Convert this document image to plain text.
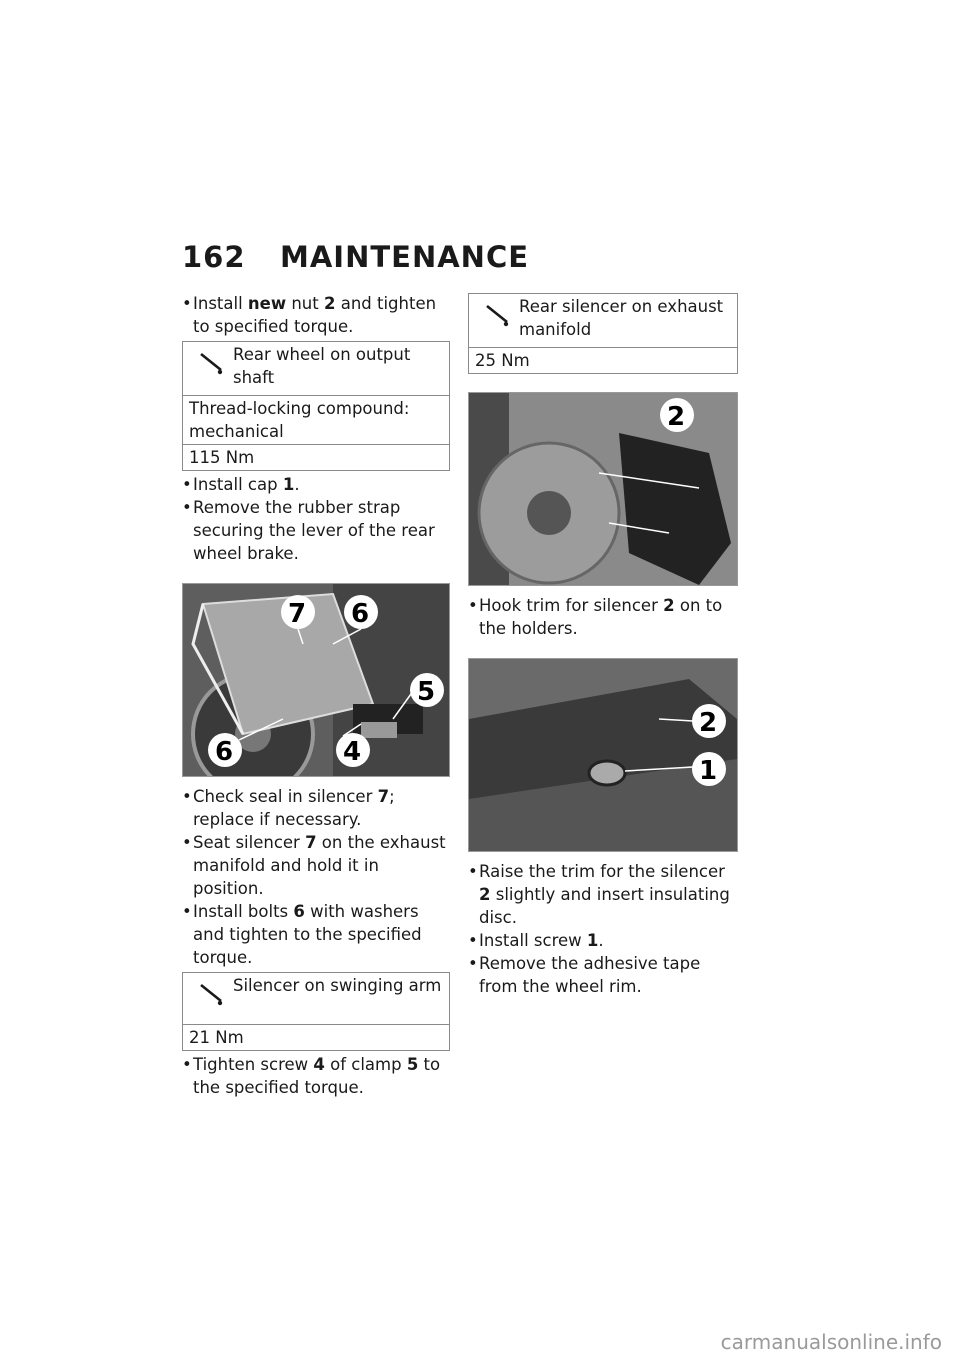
162 MAINTENANCE

• Install new nut 2 and tighten to specified torque.

Rear wheel on output shaft
Thread-locking compound: mechanical
115 Nm

• Install cap 1.

• Remove the rubber strap securing the lever of the rear wheel brake.

7 6
5
6	4

• Check seal in silencer 7; replace if necessary.

• Seat silencer 7 on the exhaust manifold and hold it in position.

• Install bolts 6 with washers and tighten to the specified torque.

Silencer on swinging arm
21 Nm

• Tighten screw 4 of clamp 5 to the specified torque.

Rear silencer on exhaust manifold
25 Nm
2

• Hook trim for silencer 2 on to the holders.

2
1

• Raise the trim for the silencer 2 slightly and insert insulating disc.

• Install screw 1.

• Remove the adhesive tape from the wheel rim.

carmanualsonline.info
